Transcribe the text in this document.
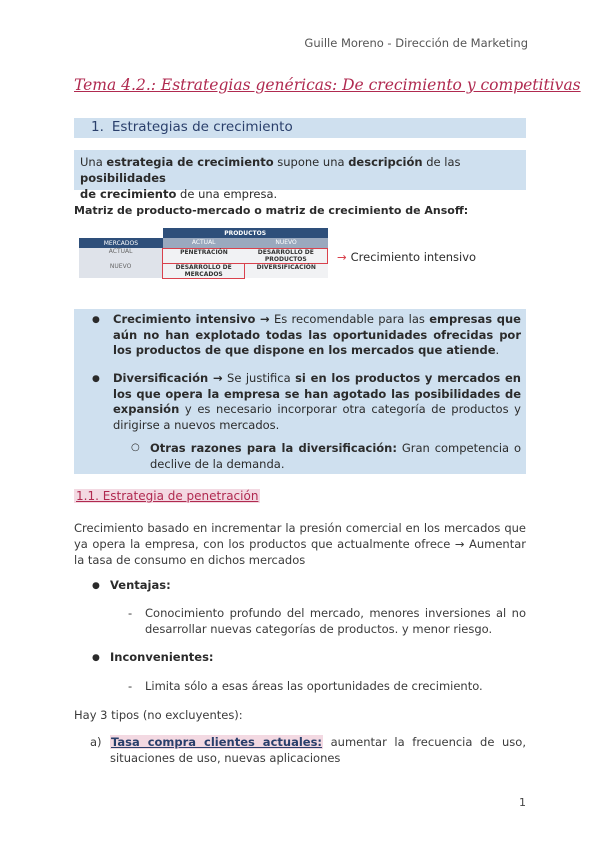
Guille Moreno - Dirección de Marketing
Tema 4.2.: Estrategias genéricas: De crecimiento y competitivas
1. Estrategias de crecimiento
Una estrategia de crecimiento supone una descripción de las posibilidades
de crecimiento de una empresa.
Matriz de producto-mercado o matriz de crecimiento de Ansoff:
	PRODUCTOS	
MERCADOS	ACTUAL	NUEVO
ACTUAL	PENETRACIÓN	DESARROLLO DE PRODUCTOS
NUEVO	DESARROLLO DE MERCADOS	DIVERSIFICACIÓN
→ Crecimiento intensivo
● Crecimiento intensivo → Es recomendable para las empresas que aún no han explotado todas las oportunidades ofrecidas por los productos de que dispone en los mercados que atiende.
● Diversificación → Se justifica si en los productos y mercados en los que opera la empresa se han agotado las posibilidades de expansión y es necesario incorporar otra categoría de productos y dirigirse a nuevos mercados.
○ Otras razones para la diversificación: Gran competencia o declive de la demanda.
1.1. Estrategia de penetración
Crecimiento basado en incrementar la presión comercial en los mercados que ya opera la empresa, con los productos que actualmente ofrece → Aumentar la tasa de consumo en dichos mercados
● Ventajas:
- Conocimiento profundo del mercado, menores inversiones al no desarrollar nuevas categorías de productos. y menor riesgo.
● Inconvenientes:
- Limita sólo a esas áreas las oportunidades de crecimiento.
Hay 3 tipos (no excluyentes):
a) Tasa compra clientes actuales: aumentar la frecuencia de uso, situaciones de uso, nuevas aplicaciones
1
